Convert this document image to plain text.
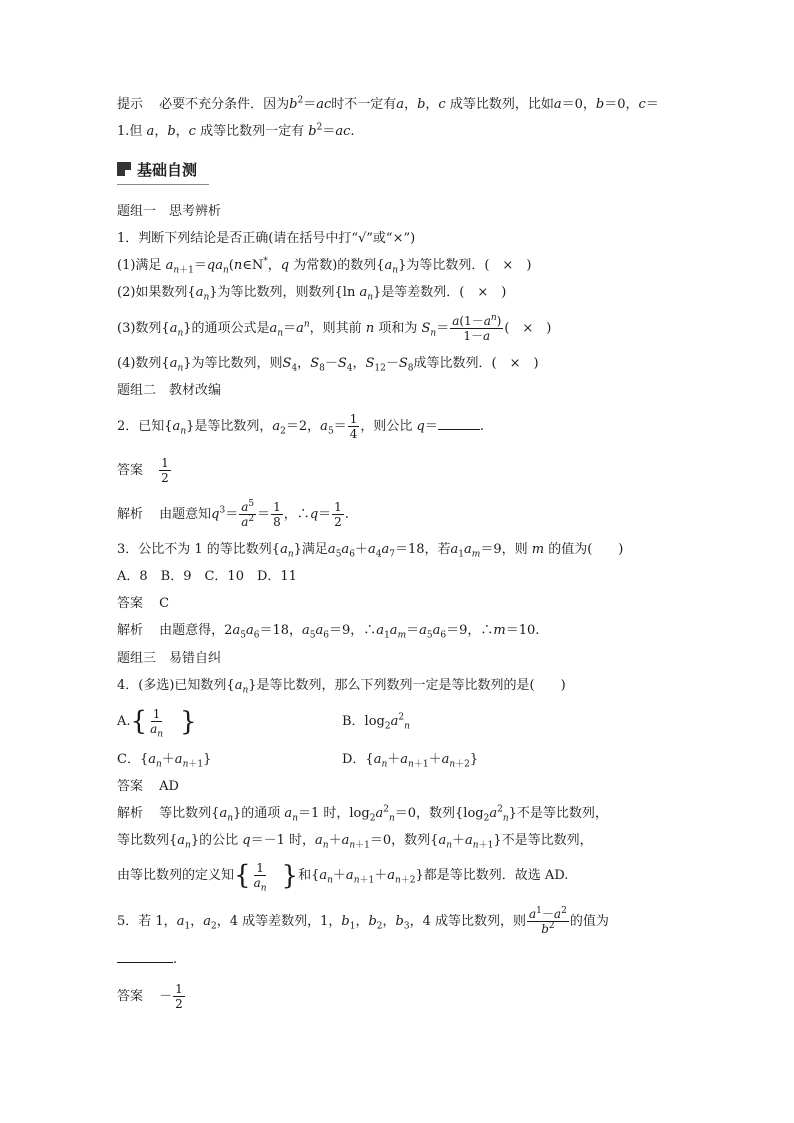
提示 必要不充分条件．因为$b^2=ac$时不一定有a，b，c 成等比数列，比如a＝0，b＝0，c＝
1.但 a，b，c 成等比数列一定有 $b^2=ac$.
基础自测
题组一　思考辨析
1．判断下列结论是否正确(请在括号中打“√”或“×”)
(1)满足 $a_{n+1}=qa_n(n\in N^*$，q 为常数)的数列$\{a_n\}$为等比数列．(　×　)
(2)如果数列$\{a_n\}$为等比数列，则数列{ln $a_n$}是等差数列．(　×　)
(3)数列$\{a_n\}$的通项公式是$a_n=a^n$，则其前 n 项和为 $S_n= \frac{a(1-a^n)}{1-a}$ (　×　)
(4)数列$\{a_n\}$为等比数列，则$S_4$，$S_8-S_4$，$S_{12}-S_8$成等比数列．(　×　)
题组二　教材改编
2．已知$\{a_n\}$是等比数列，$a_2=2$，$a_5= \frac{1}{4}$ ，则公比 q＝	.
答案 $\frac{1}{2}$
解析 由题意知$q^3= \frac{a^5}{a^2} = \frac{1}{8}$ ，∴q＝ $\frac{1}{2}$ .
3．公比不为 1 的等比数列$\{a_n\}$满足$a_5a_6+a_4a_7=18$，若$a_1a_m=9$，则 m 的值为(　　)
A．8　B．9　C．10　D．11
答案 C
解析 由题意得，$2a_5a_6=18$，$a_5a_6=9$，$\therefore a_1a_m=a_5a_6=9$，∴m＝10.
题组三　易错自纠
4．(多选)已知数列$\{a_n\}$是等比数列，那么下列数列一定是等比数列的是(　　)
$A.\{ \frac{1}{a_n}$ }	B．$\log_2a^2_n$
C．$\{a_n+a_{n+1}\}$	D．$\{a_n+a_{n+1}+a_{n+2}\}$
答案 AD
解析 等比数列$\{a_n\}$的通项 $a_n=1$ 时，$\log_2a^2_n=0$，数列$\{\log_2a^2_n\}$不是等比数列，
等比数列$\{a_n\}$的公比 q＝－1 时，$a_n+a_{n+1}=0$，数列$\{a_n+a_{n+1}\}$不是等比数列，
由等比数列的定义知{ $\frac{1}{a_n}$ }和$\{a_n+a_{n+1}+a_{n+2}\}$都是等比数列．故选 AD.
5．若 1，$a_1$，$a_2$，4 成等差数列，1，$b_1$，$b_2$，$b_3$，4 成等比数列，则 $\frac{a^1-a^2}{b^2}$ 的值为
.
答案 － $\frac{1}{2}$
